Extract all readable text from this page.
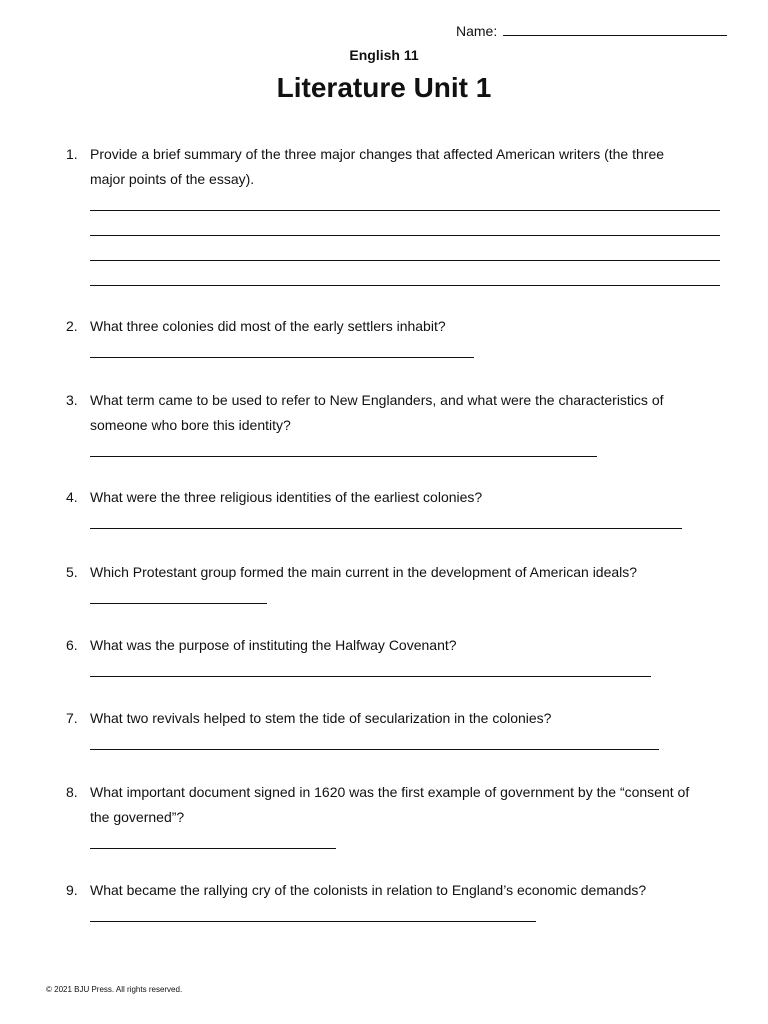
Name:
English 11
Literature Unit 1
1. Provide a brief summary of the three major changes that affected American writers (the three major points of the essay).
2. What three colonies did most of the early settlers inhabit?
3. What term came to be used to refer to New Englanders, and what were the characteristics of someone who bore this identity?
4. What were the three religious identities of the earliest colonies?
5. Which Protestant group formed the main current in the development of American ideals?
6. What was the purpose of instituting the Halfway Covenant?
7. What two revivals helped to stem the tide of secularization in the colonies?
8. What important document signed in 1620 was the first example of government by the “consent of the governed”?
9. What became the rallying cry of the colonists in relation to England’s economic demands?
© 2021 BJU Press. All rights reserved.
